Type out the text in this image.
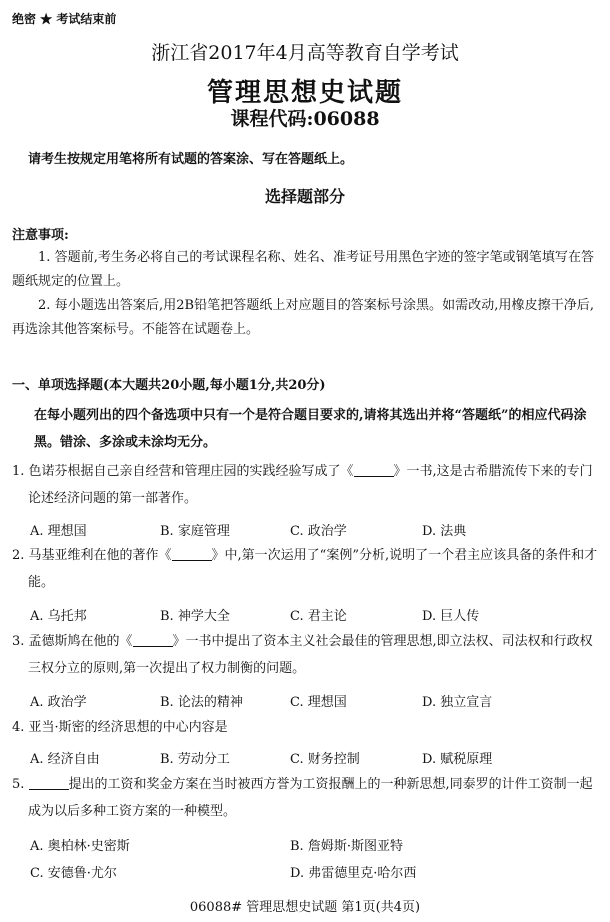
绝密 ★ 考试结束前
浙江省2017年4月高等教育自学考试
管理思想史试题
课程代码:06088
请考生按规定用笔将所有试题的答案涂、写在答题纸上。
选择题部分
注意事项:
1. 答题前,考生务必将自己的考试课程名称、姓名、准考证号用黑色字迹的签字笔或钢笔填写在答题纸规定的位置上。
2. 每小题选出答案后,用2B铅笔把答题纸上对应题目的答案标号涂黑。如需改动,用橡皮擦干净后,再选涂其他答案标号。不能答在试题卷上。
一、单项选择题(本大题共20小题,每小题1分,共20分)
在每小题列出的四个备选项中只有一个是符合题目要求的,请将其选出并将“答题纸”的相应代码涂黑。错涂、多涂或未涂均无分。
1. 色诺芬根据自己亲自经营和管理庄园的实践经验写成了《	》一书,这是古希腊流传下来的专门论述经济问题的第一部著作。
A. 理想国	B. 家庭管理	C. 政治学	D. 法典
2. 马基亚维利在他的著作《	》中,第一次运用了“案例”分析,说明了一个君主应该具备的条件和才能。
A. 乌托邦	B. 神学大全	C. 君主论	D. 巨人传
3. 孟德斯鸠在他的《	》一书中提出了资本主义社会最佳的管理思想,即立法权、司法权和行政权三权分立的原则,第一次提出了权力制衡的问题。
A. 政治学	B. 论法的精神	C. 理想国	D. 独立宣言
4. 亚当·斯密的经济思想的中心内容是
A. 经济自由	B. 劳动分工	C. 财务控制	D. 赋税原理
5.	提出的工资和奖金方案在当时被西方誉为工资报酬上的一种新思想,同泰罗的计件工资制一起成为以后多种工资方案的一种模型。
A. 奥柏林·史密斯	B. 詹姆斯·斯图亚特
C. 安德鲁·尤尔	D. 弗雷德里克·哈尔西
06088# 管理思想史试题 第1页(共4页)
